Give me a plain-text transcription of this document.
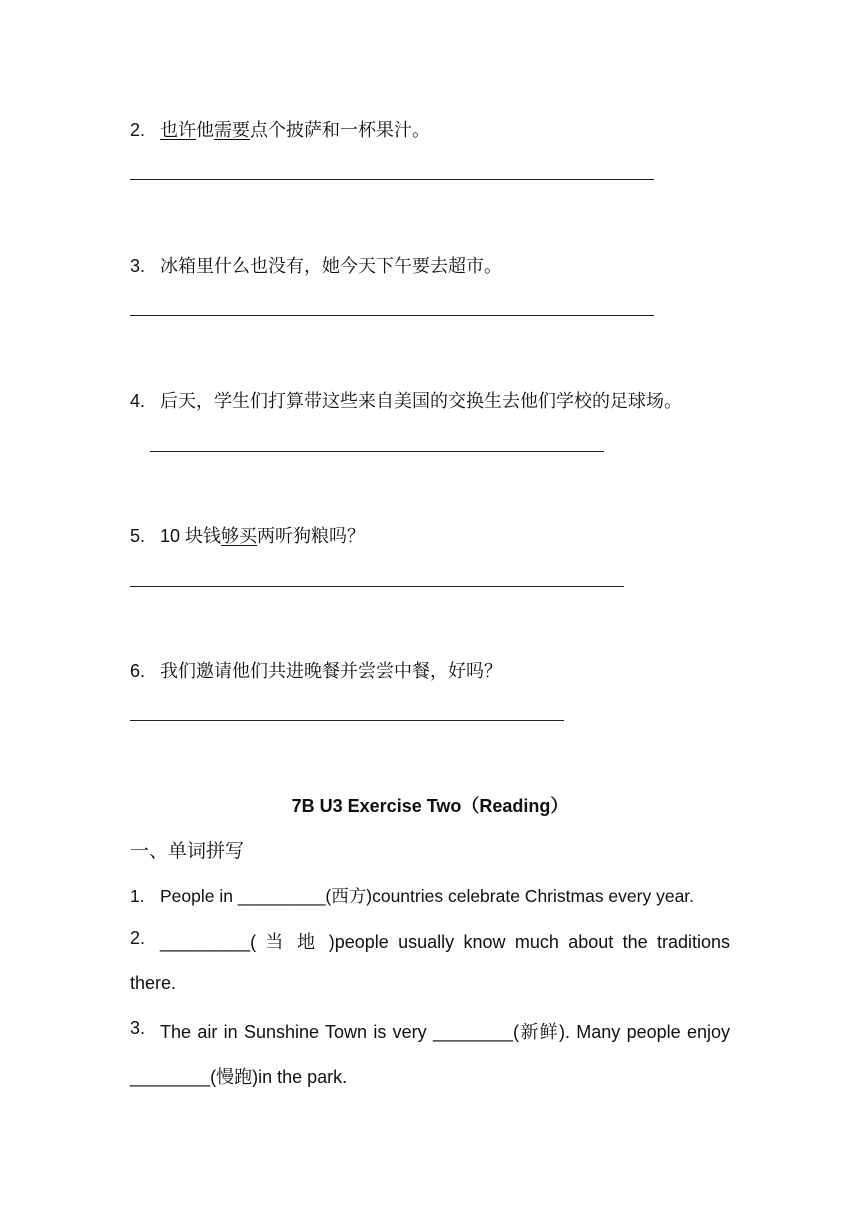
2. 也许他需要点个披萨和一杯果汁。
3. 冰箱里什么也没有，她今天下午要去超市。
4. 后天，学生们打算带这些来自美国的交换生去他们学校的足球场。
5. 10 块钱够买两听狗粮吗？
6. 我们邀请他们共进晚餐并尝尝中餐，好吗？
7B U3 Exercise Two（Reading）
一、单词拼写
1. People in _________(西方)countries celebrate Christmas every year.
2. _________( 当 地 )people usually know much about the traditions
there.
3. The air in Sunshine Town is very ________(新鲜). Many people enjoy
________(慢跑)in the park.
